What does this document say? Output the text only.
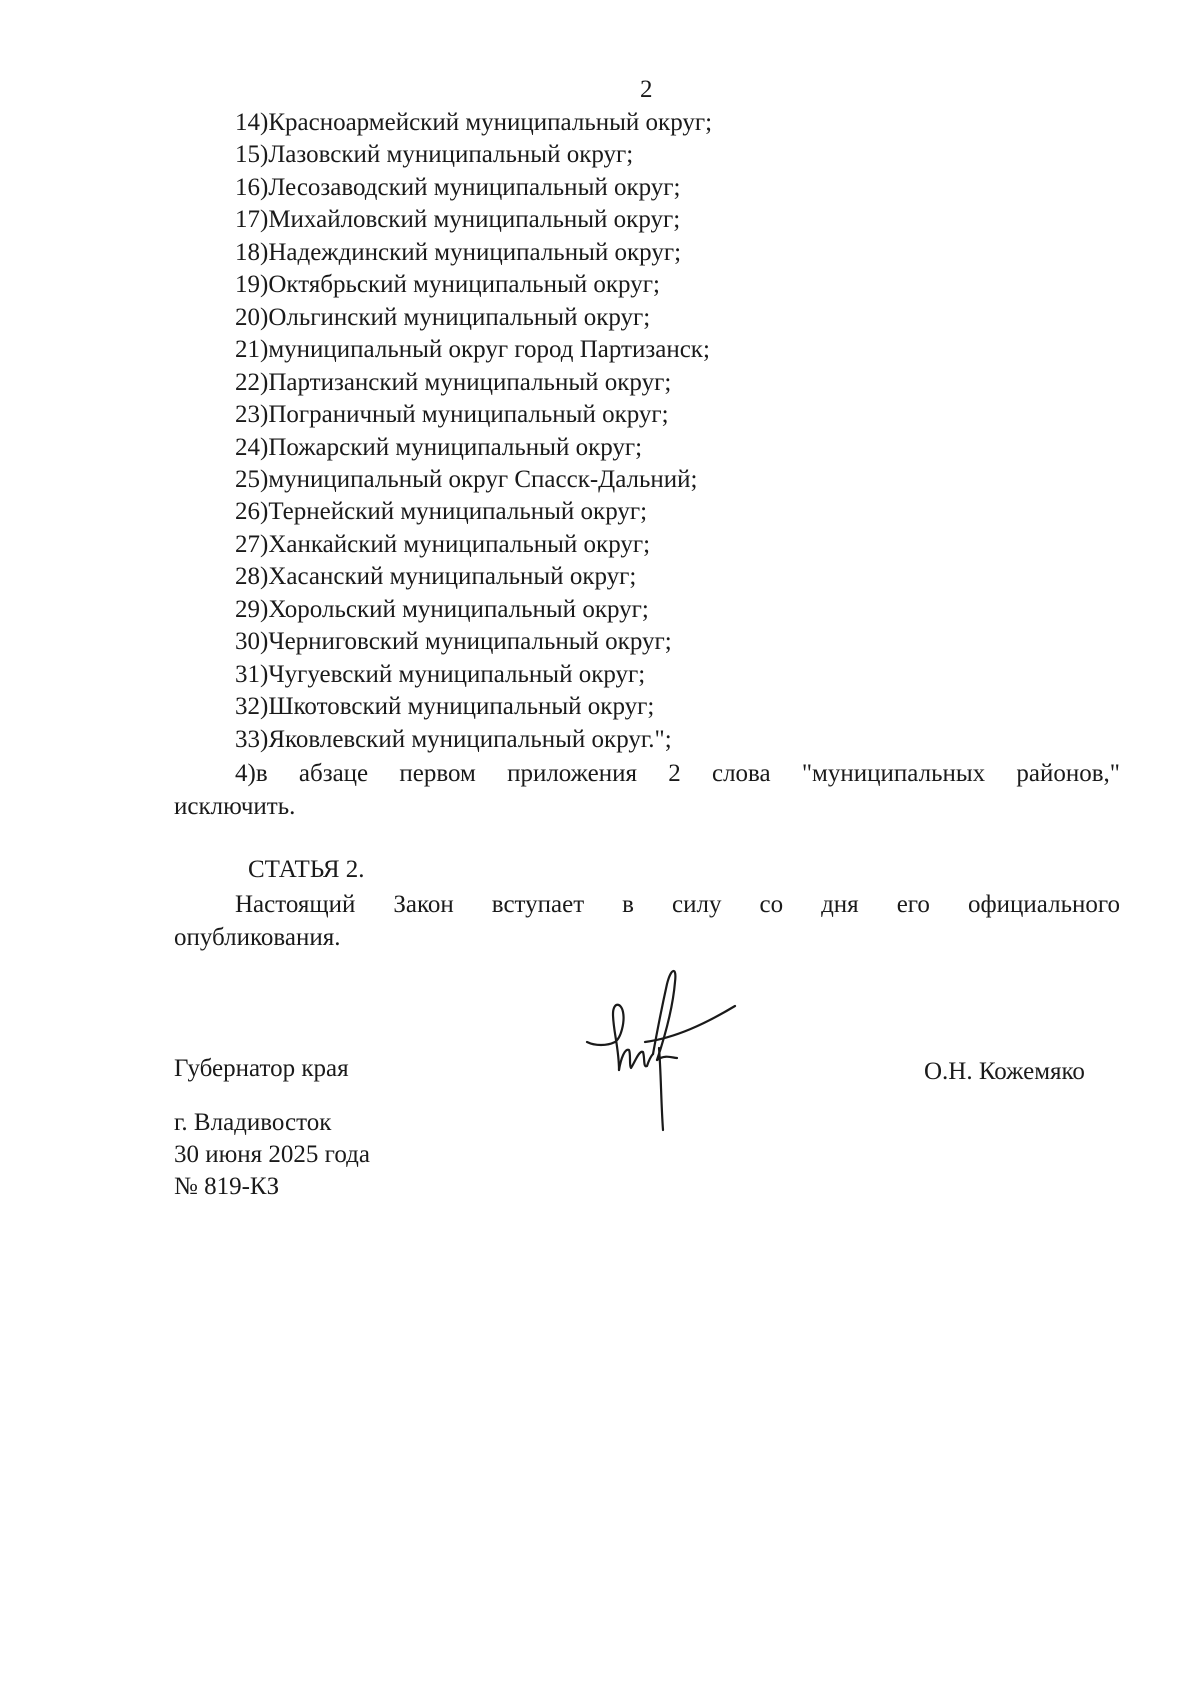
2
14)Красноармейский муниципальный округ;
15)Лазовский муниципальный округ;
16)Лесозаводский муниципальный округ;
17)Михайловский муниципальный округ;
18)Надеждинский муниципальный округ;
19)Октябрьский муниципальный округ;
20)Ольгинский муниципальный округ;
21)муниципальный округ город Партизанск;
22)Партизанский муниципальный округ;
23)Пограничный муниципальный округ;
24)Пожарский муниципальный округ;
25)муниципальный округ Спасск-Дальний;
26)Тернейский муниципальный округ;
27)Ханкайский муниципальный округ;
28)Хасанский муниципальный округ;
29)Хорольский муниципальный округ;
30)Черниговский муниципальный округ;
31)Чугуевский муниципальный округ;
32)Шкотовский муниципальный округ;
33)Яковлевский муниципальный округ.";
4)в абзаце первом приложения 2 слова "муниципальных районов,"
исключить.
СТАТЬЯ 2.
Настоящий Закон вступает в силу со дня его официального
опубликования.
Губернатор края	О.Н. Кожемяко
г. Владивосток
30 июня 2025 года
№ 819-КЗ
